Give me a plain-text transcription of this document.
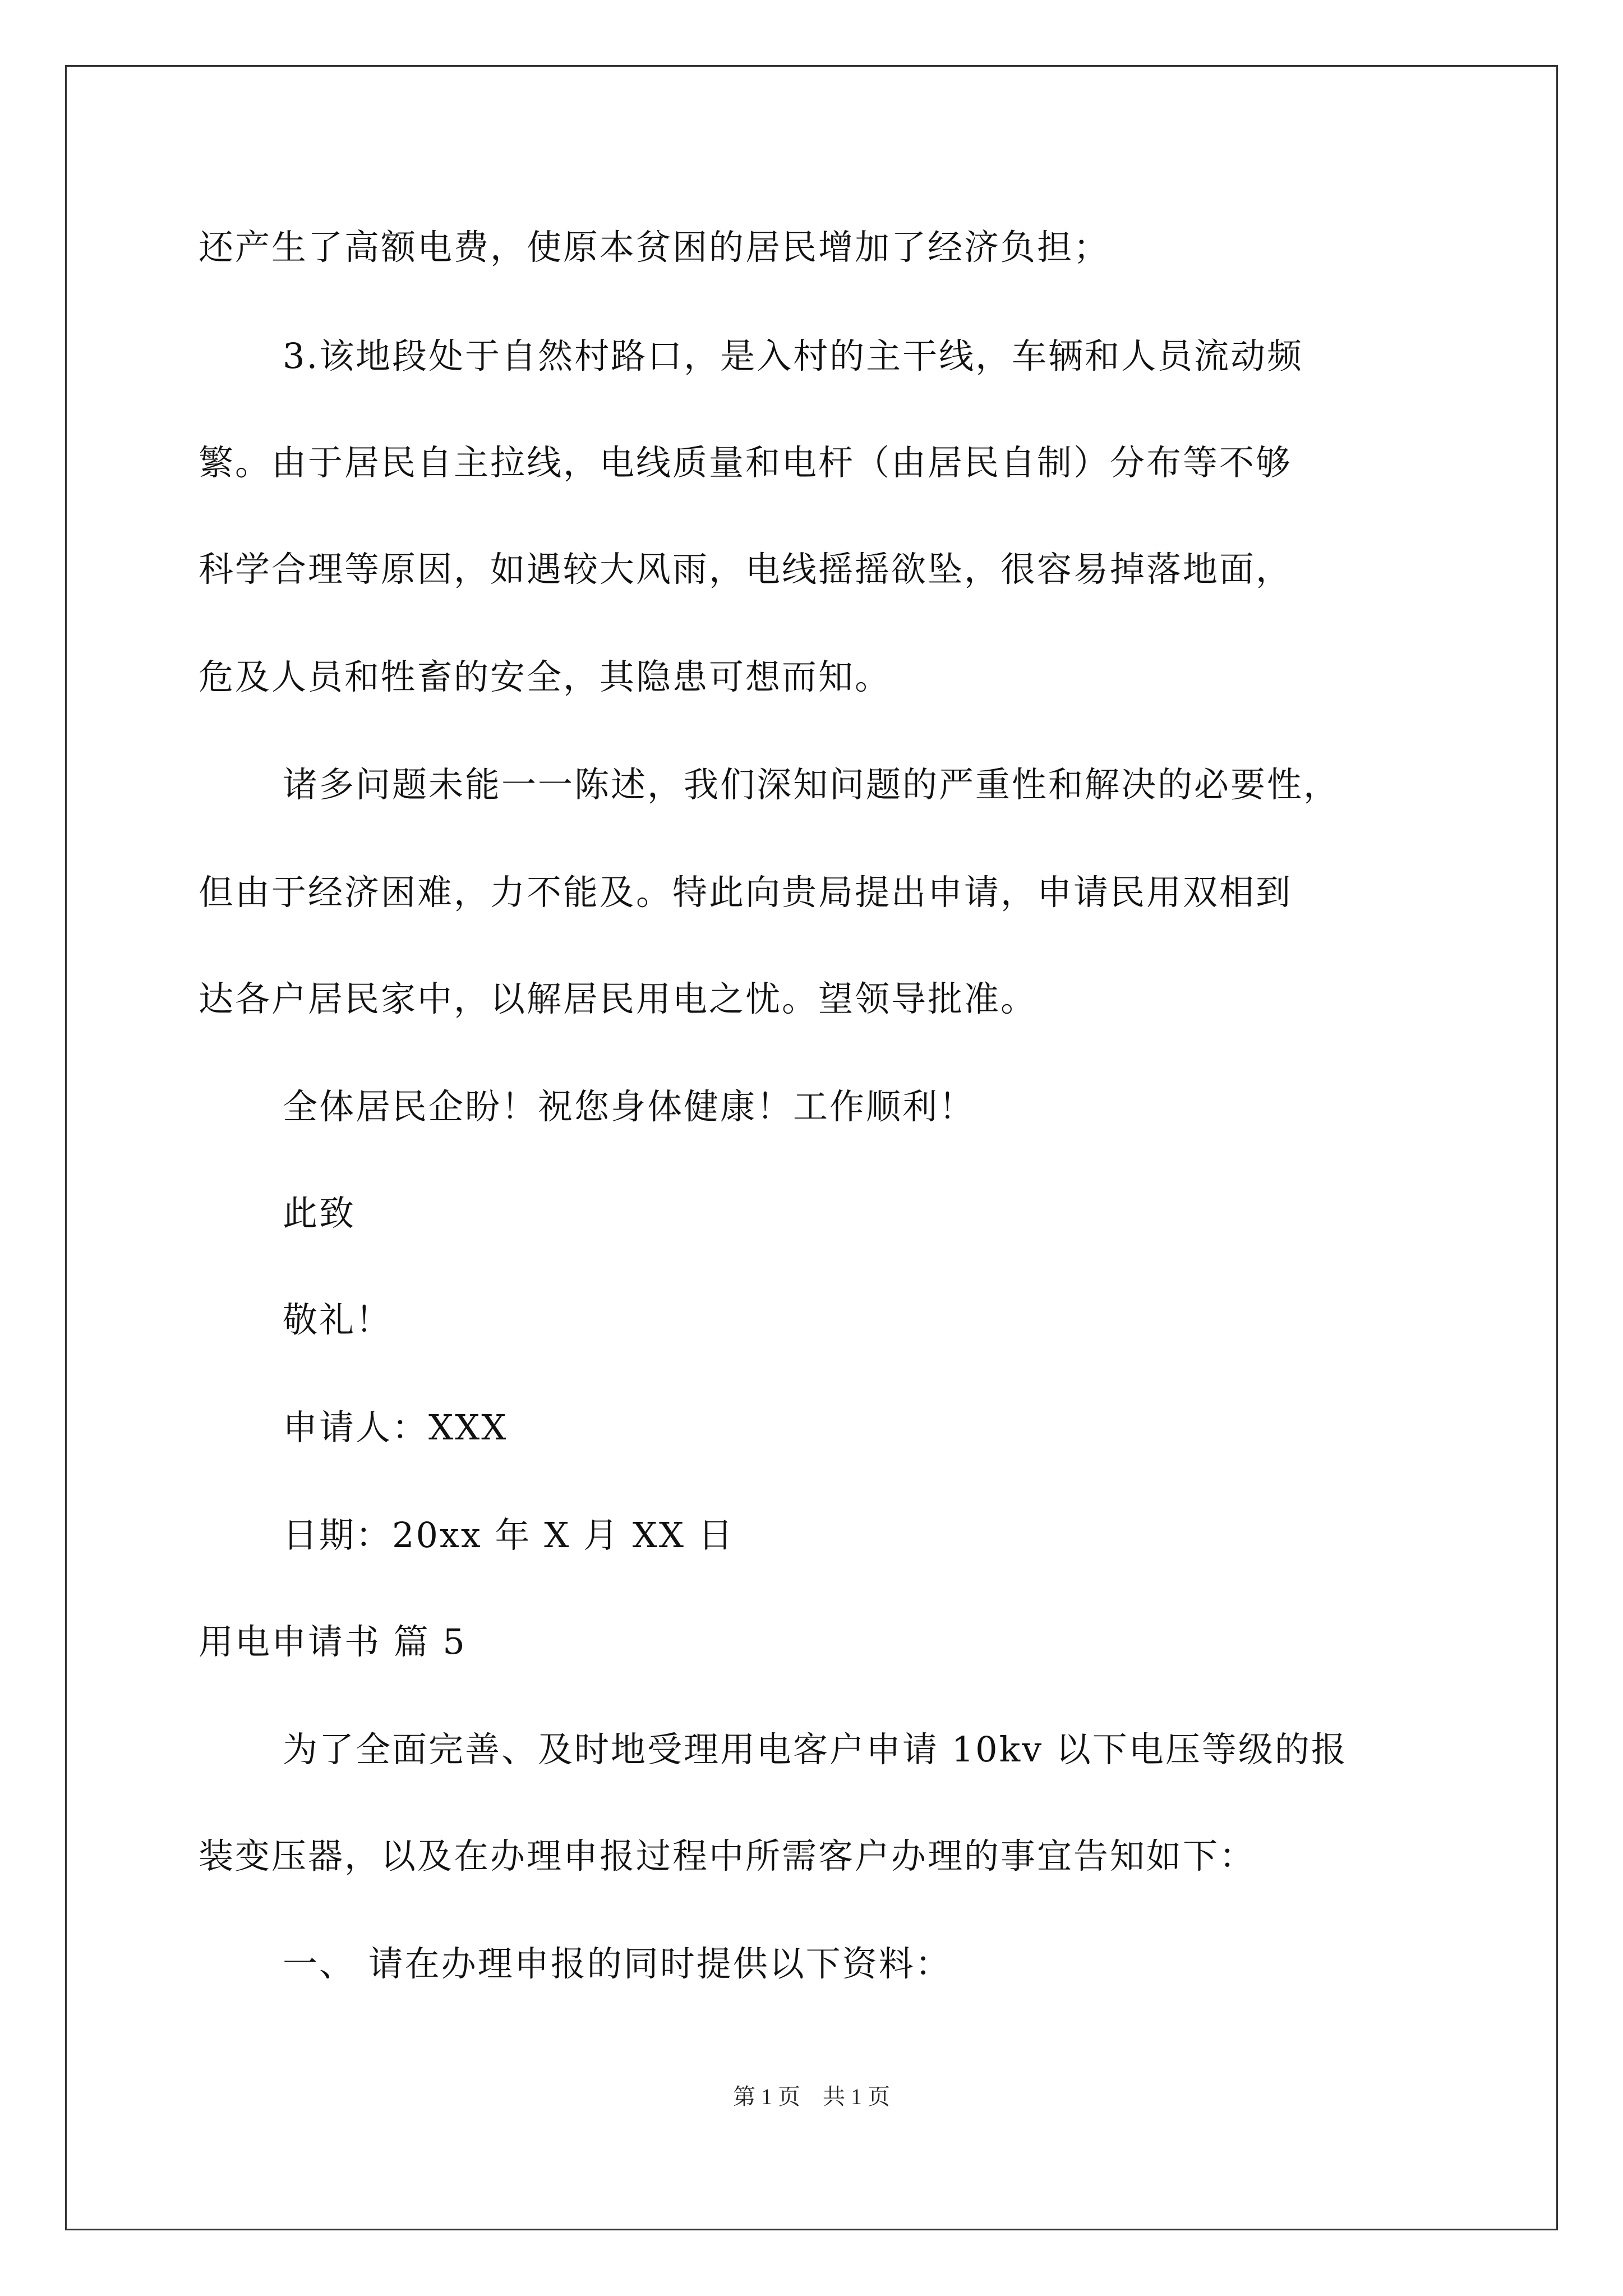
还产生了高额电费，使原本贫困的居民增加了经济负担；
3.该地段处于自然村路口，是入村的主干线，车辆和人员流动频
繁。由于居民自主拉线，电线质量和电杆（由居民自制）分布等不够
科学合理等原因，如遇较大风雨，电线摇摇欲坠，很容易掉落地面，
危及人员和牲畜的安全，其隐患可想而知。
诸多问题未能一一陈述，我们深知问题的严重性和解决的必要性，
但由于经济困难，力不能及。特此向贵局提出申请，申请民用双相到
达各户居民家中，以解居民用电之忧。望领导批准。
全体居民企盼！祝您身体健康！工作顺利！
此致
敬礼！
申请人：XXX
日期：20xx 年 X 月 XX 日
用电申请书 篇 5
为了全面完善、及时地受理用电客户申请 10kv 以下电压等级的报
装变压器，以及在办理申报过程中所需客户办理的事宜告知如下：
一、 请在办理申报的同时提供以下资料：
第 1 页　共 1 页
